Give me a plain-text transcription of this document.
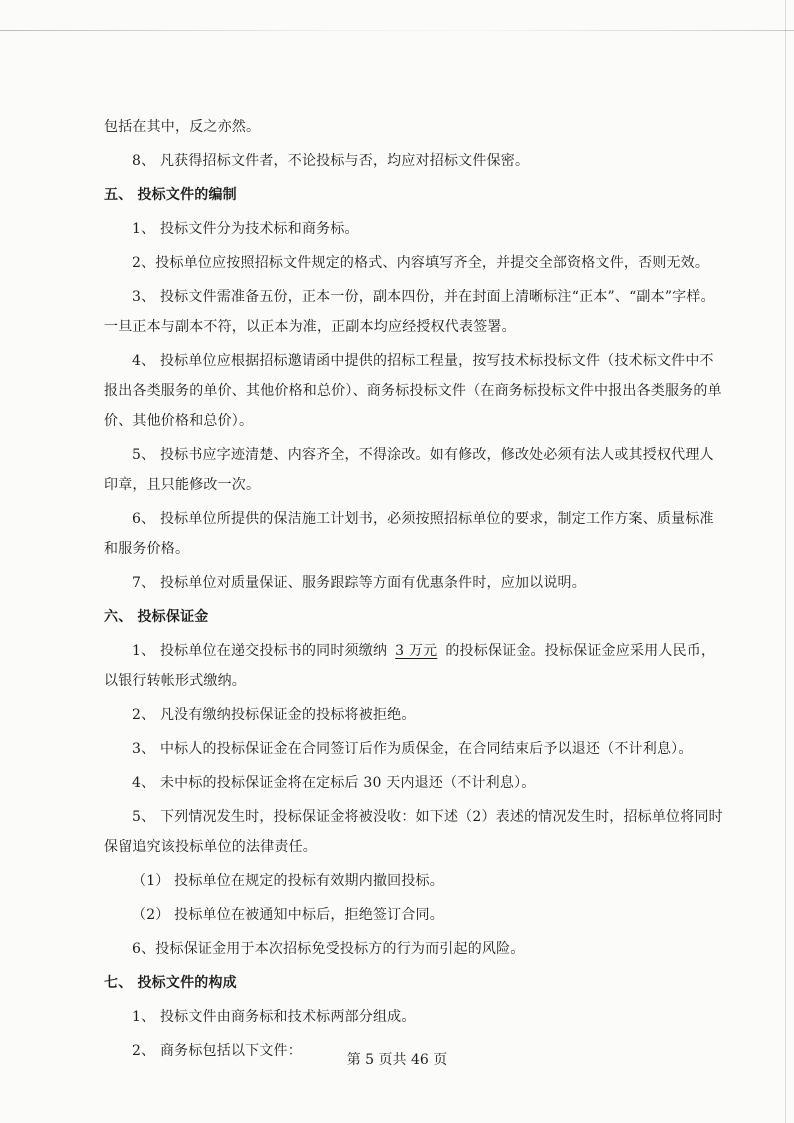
包括在其中，反之亦然。

8、 凡获得招标文件者，不论投标与否，均应对招标文件保密。

五、 投标文件的编制

1、 投标文件分为技术标和商务标。

2、投标单位应按照招标文件规定的格式、内容填写齐全，并提交全部资格文件，否则无效。

3、 投标文件需准备五份，正本一份，副本四份，并在封面上清晰标注“正本”、“副本”字样。一旦正本与副本不符，以正本为准，正副本均应经授权代表签署。

4、 投标单位应根据招标邀请函中提供的招标工程量，按写技术标投标文件（技术标文件中不报出各类服务的单价、其他价格和总价）、商务标投标文件（在商务标投标文件中报出各类服务的单价、其他价格和总价）。

5、 投标书应字迹清楚、内容齐全，不得涂改。如有修改，修改处必须有法人或其授权代理人印章，且只能修改一次。

6、 投标单位所提供的保洁施工计划书，必须按照招标单位的要求，制定工作方案、质量标准和服务价格。

7、 投标单位对质量保证、服务跟踪等方面有优惠条件时，应加以说明。

六、 投标保证金

1、 投标单位在递交投标书的同时须缴纳 3 万元 的投标保证金。投标保证金应采用人民币，以银行转帐形式缴纳。

2、 凡没有缴纳投标保证金的投标将被拒绝。

3、 中标人的投标保证金在合同签订后作为质保金，在合同结束后予以退还（不计利息）。

4、 未中标的投标保证金将在定标后 30 天内退还（不计利息）。

5、 下列情况发生时，投标保证金将被没收：如下述（2）表述的情况发生时，招标单位将同时保留追究该投标单位的法律责任。

（1） 投标单位在规定的投标有效期内撤回投标。

（2） 投标单位在被通知中标后，拒绝签订合同。

6、投标保证金用于本次招标免受投标方的行为而引起的风险。

七、 投标文件的构成

1、 投标文件由商务标和技术标两部分组成。

2、 商务标包括以下文件：

第 5 页共 46 页
